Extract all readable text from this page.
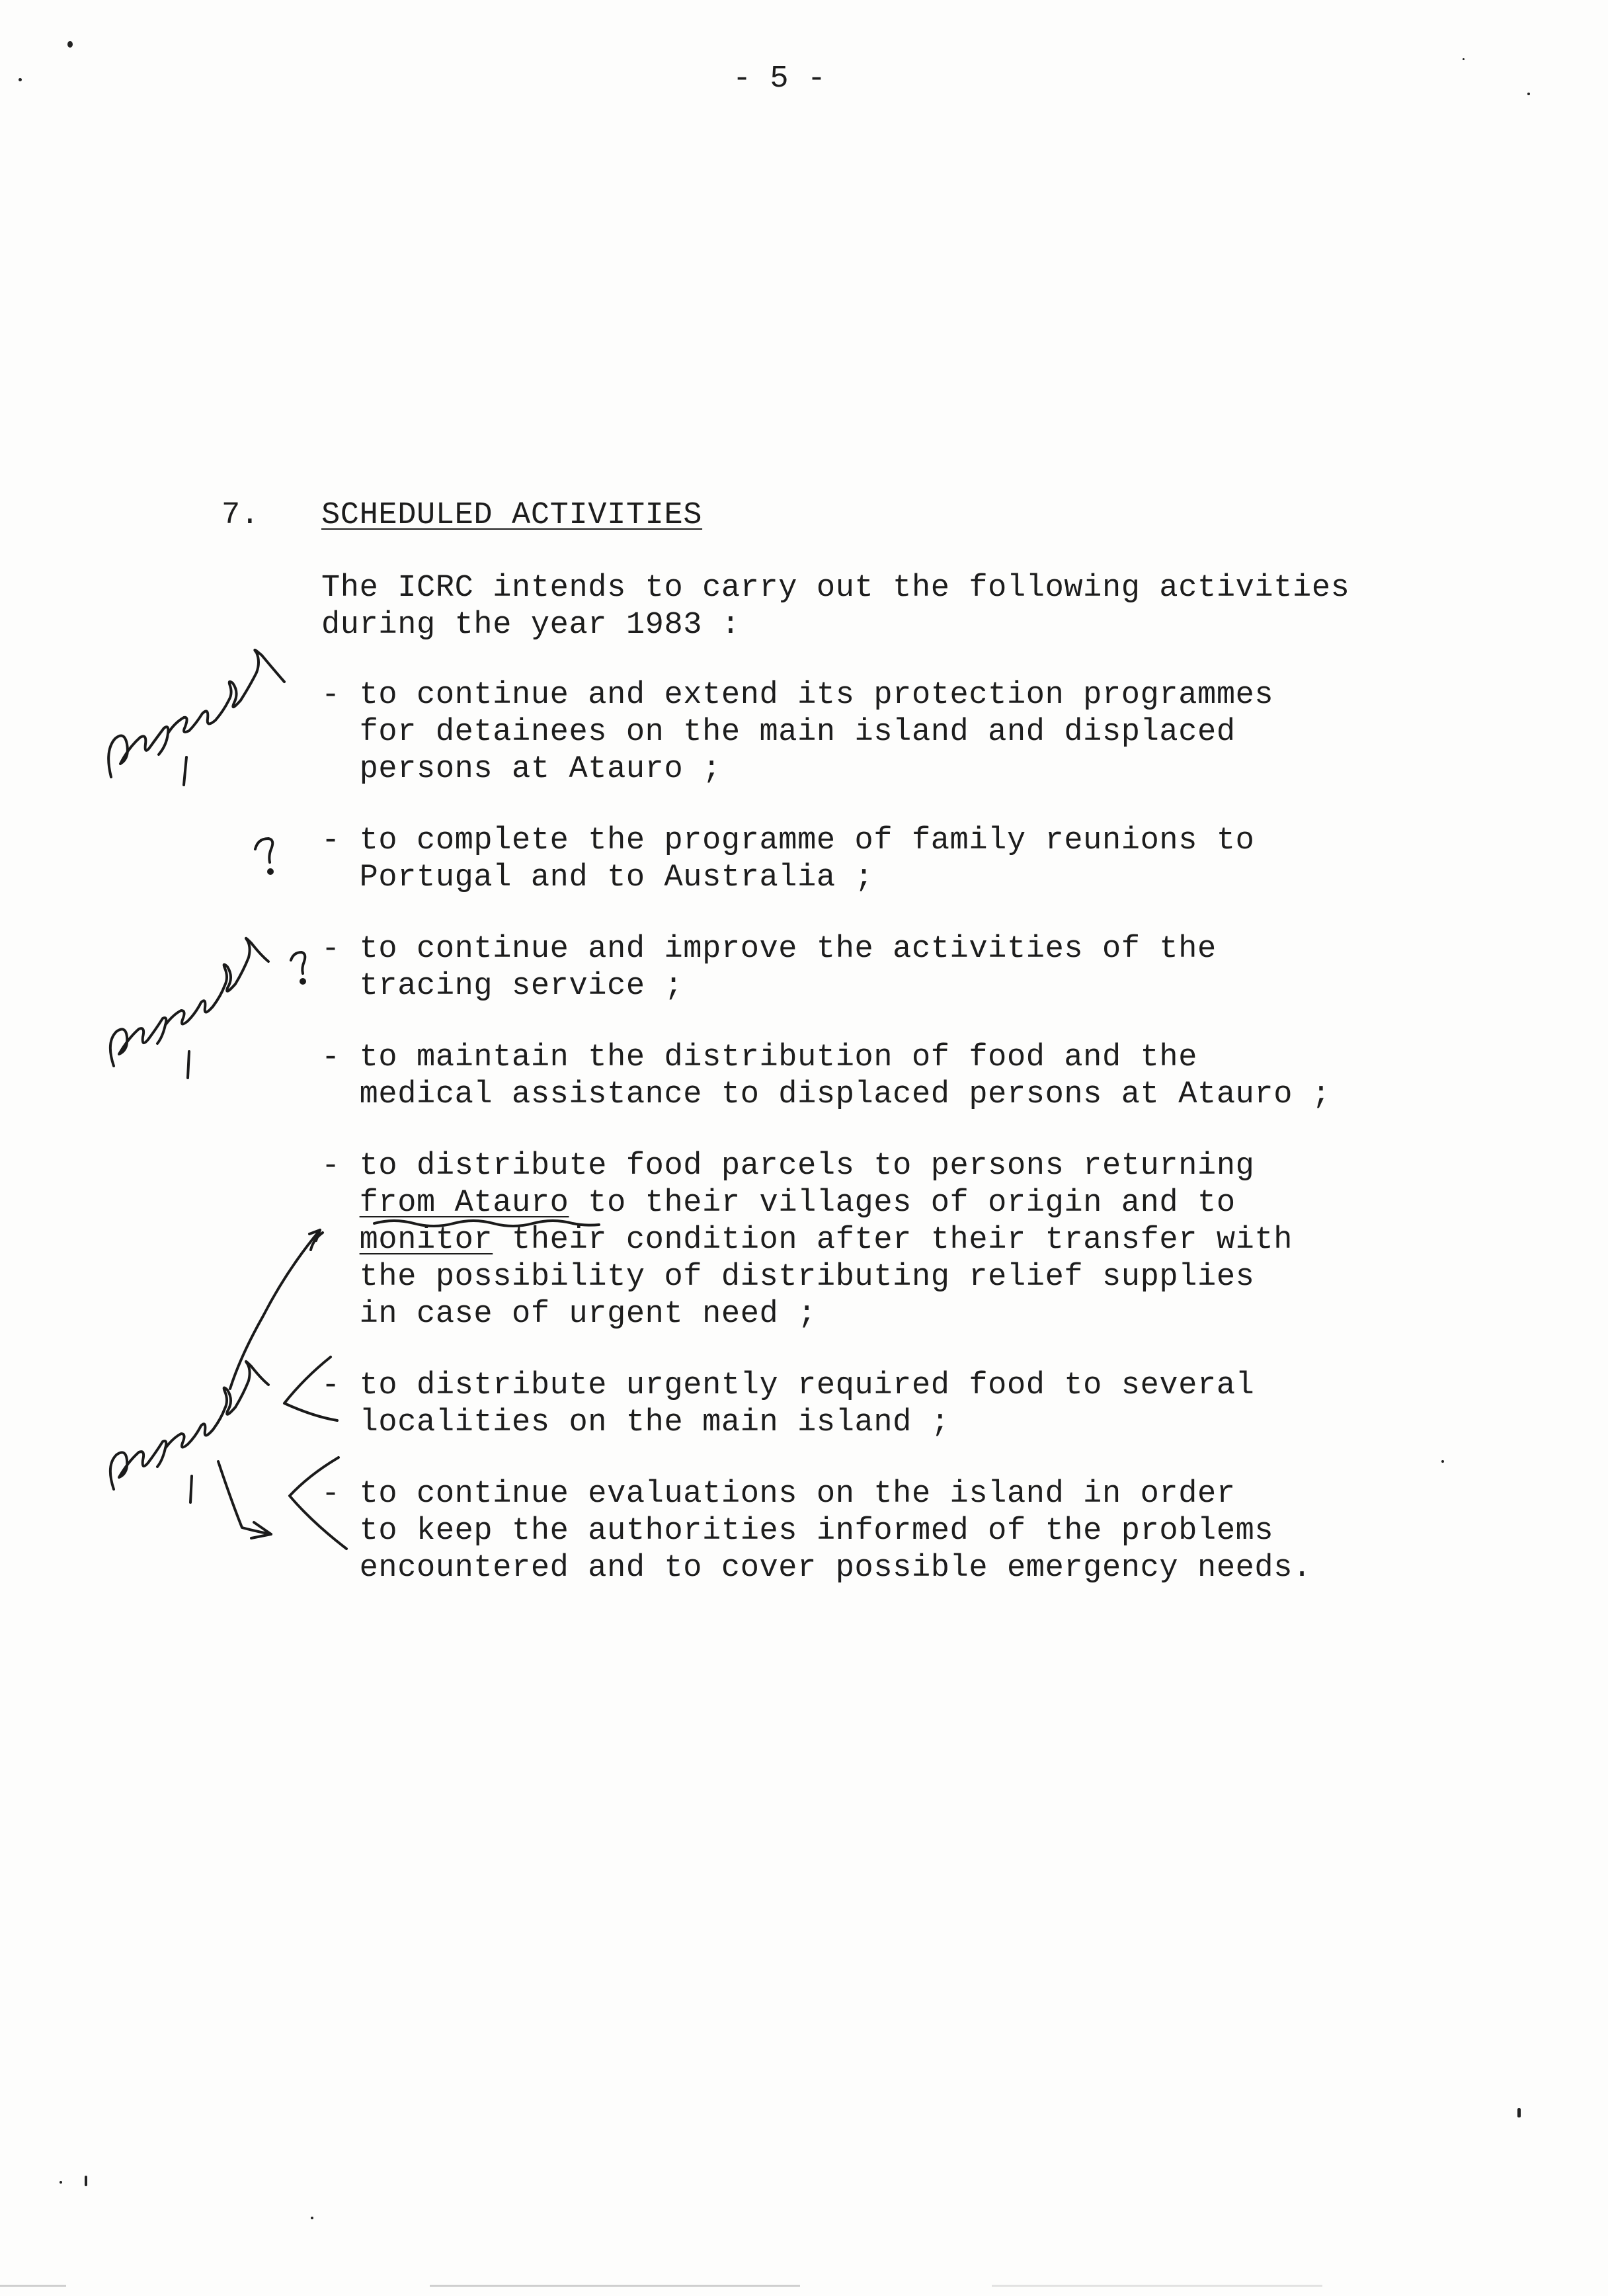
- 5 -
7. SCHEDULED ACTIVITIES
The ICRC intends to carry out the following activities
during the year 1983 :
- to continue and extend its protection programmes
for detainees on the main island and displaced
persons at Atauro ;
- to complete the programme of family reunions to
Portugal and to Australia ;
- to continue and improve the activities of the
tracing service ;
- to maintain the distribution of food and the
medical assistance to displaced persons at Atauro ;
- to distribute food parcels to persons returning
from Atauro to their villages of origin and to
monitor their condition after their transfer with
the possibility of distributing relief supplies
in case of urgent need ;
- to distribute urgently required food to several
localities on the main island ;
- to continue evaluations on the island in order
to keep the authorities informed of the problems
encountered and to cover possible emergency needs.
